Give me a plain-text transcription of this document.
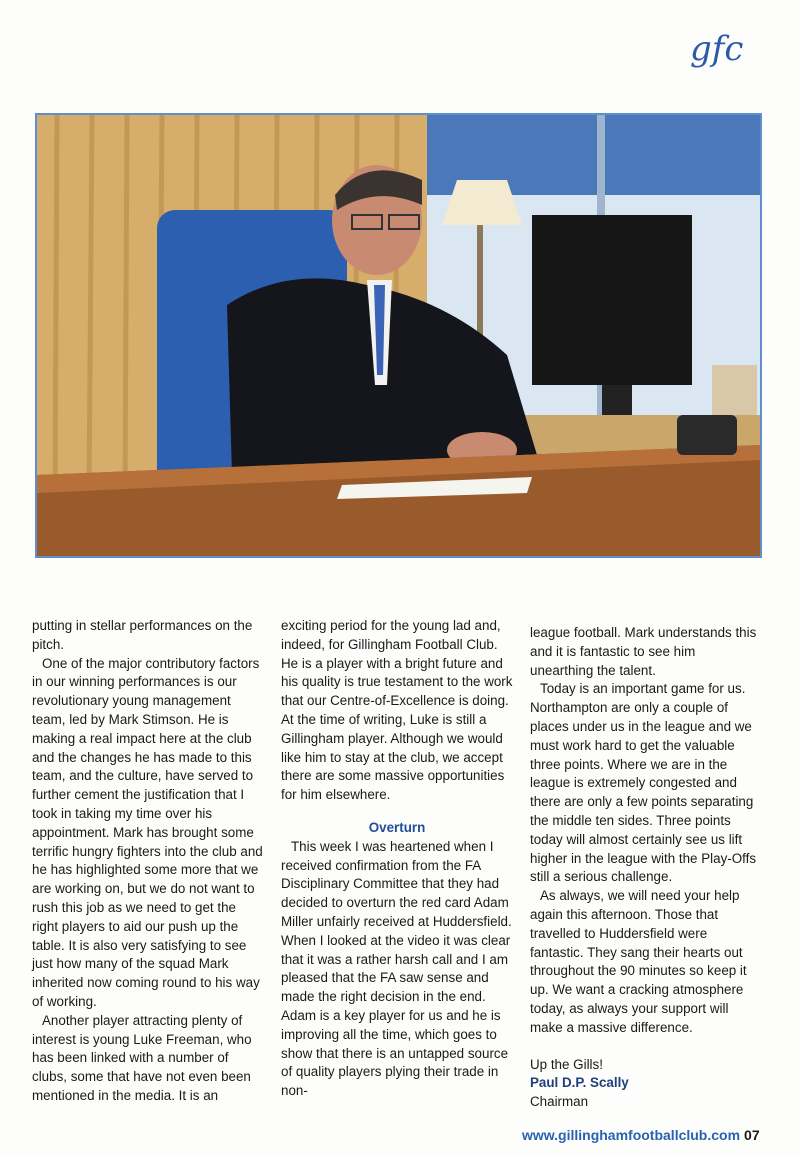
gfc

putting in stellar performances on the pitch.

One of the major contributory factors in our winning performances is our revolutionary young management team, led by Mark Stimson. He is making a real impact here at the club and the changes he has made to this team, and the culture, have served to further cement the justification that I took in taking my time over his appointment. Mark has brought some terrific hungry fighters into the club and he has highlighted some more that we are working on, but we do not want to rush this job as we need to get the right players to aid our push up the table. It is also very satisfying to see just how many of the squad Mark inherited now coming round to his way of working.

Another player attracting plenty of interest is young Luke Freeman, who has been linked with a number of clubs, some that have not even been mentioned in the media. It is an

exciting period for the young lad and, indeed, for Gillingham Football Club. He is a player with a bright future and his quality is true testament to the work that our Centre-of-Excellence is doing. At the time of writing, Luke is still a Gillingham player. Although we would like him to stay at the club, we accept there are some massive opportunities for him elsewhere.

Overturn

This week I was heartened when I received confirmation from the FA Disciplinary Committee that they had decided to overturn the red card Adam Miller unfairly received at Huddersfield. When I looked at the video it was clear that it was a rather harsh call and I am pleased that the FA saw sense and made the right decision in the end. Adam is a key player for us and he is improving all the time, which goes to show that there is an untapped source of quality players plying their trade in non-

league football. Mark understands this and it is fantastic to see him unearthing the talent.

Today is an important game for us. Northampton are only a couple of places under us in the league and we must work hard to get the valuable three points. Where we are in the league is extremely congested and there are only a few points separating the middle ten sides. Three points today will almost certainly see us lift higher in the league with the Play-Offs still a serious challenge.

As always, we will need your help again this afternoon. Those that travelled to Huddersfield were fantastic. They sang their hearts out throughout the 90 minutes so keep it up. We want a cracking atmosphere today, as always your support will make a massive difference.

Up the Gills!

Paul D.P. Scally

Chairman

www.gillinghamfootballclub.com 07
